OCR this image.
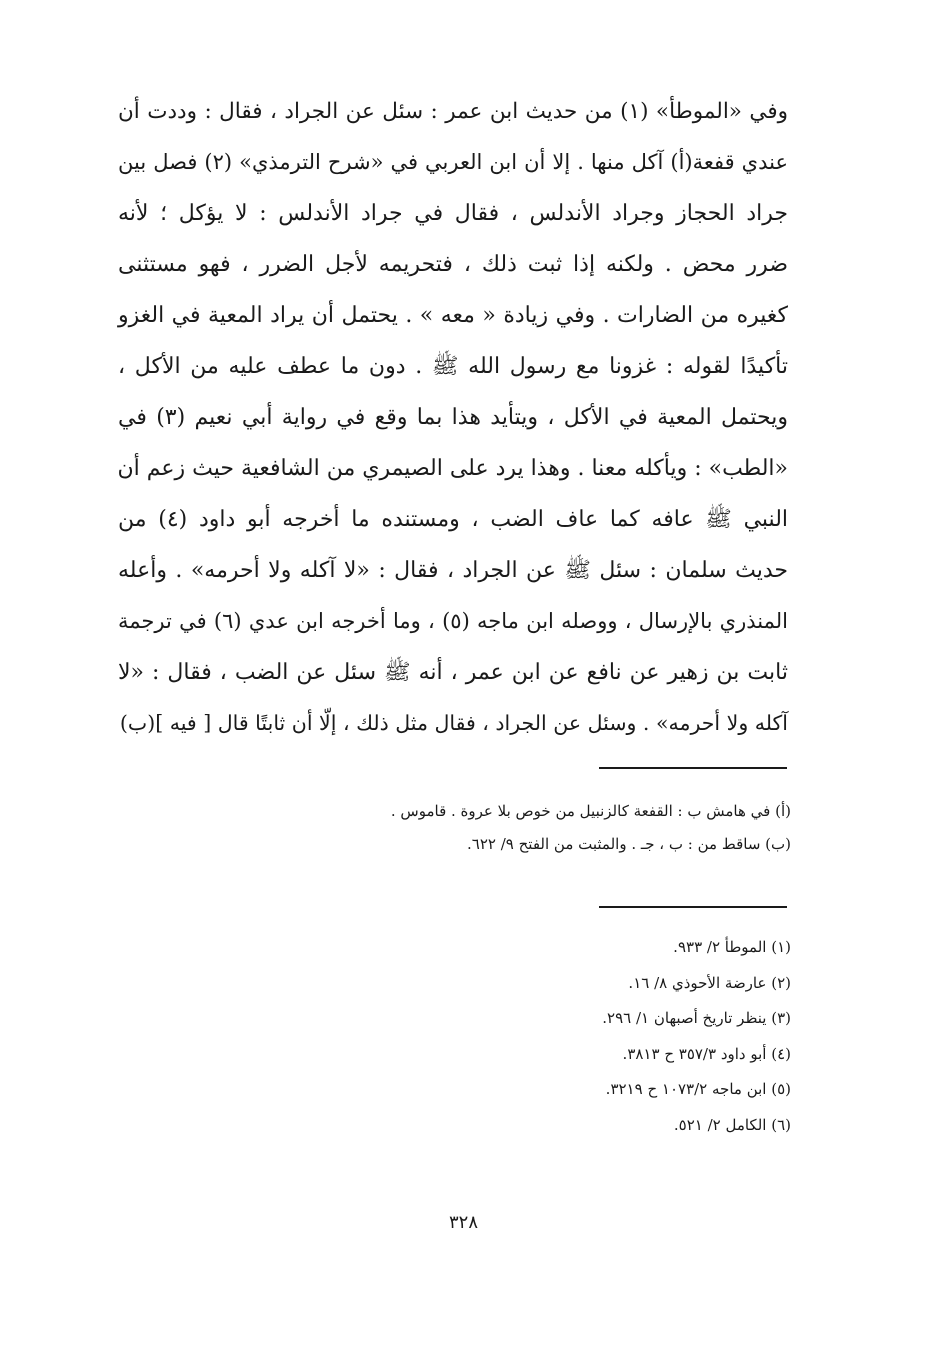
وفي «الموطأ» (١) من حديث ابن عمر : سئل عن الجراد ، فقال : وددت أن
عندي قفعة(أ) آكل منها . إلا أن ابن العربي في «شرح الترمذي» (٢) فصل بين
جراد الحجاز وجراد الأندلس ، فقال في جراد الأندلس : لا يؤكل ؛ لأنه
ضرر محض . ولكنه إذا ثبت ذلك ، فتحريمه لأجل الضرر ، فهو مستثنى
كغيره من الضارات . وفي زيادة « معه » . يحتمل أن يراد المعية في الغزو
تأكيدًا لقوله : غزونا مع رسول الله ﷺ . دون ما عطف عليه من الأكل ،
ويحتمل المعية في الأكل ، ويتأيد هذا بما وقع في رواية أبي نعيم (٣) في
«الطب» : ويأكله معنا . وهذا يرد على الصيمري من الشافعية حيث زعم أن
النبي ﷺ عافه كما عاف الضب ، ومستنده ما أخرجه أبو داود (٤) من
حديث سلمان : سئل ﷺ عن الجراد ، فقال : «لا آكله ولا أحرمه» . وأعله
المنذري بالإرسال ، ووصله ابن ماجه (٥) ، وما أخرجه ابن عدي (٦) في ترجمة
ثابت بن زهير عن نافع عن ابن عمر ، أنه ﷺ سئل عن الضب ، فقال : «لا
آكله ولا أحرمه» . وسئل عن الجراد ، فقال مثل ذلك ، إلّا أن ثابتًا قال [ فيه ](ب)
(أ) في هامش ب : القفعة كالزنبيل من خوص بلا عروة . قاموس .
(ب) ساقط من : ب ، جـ . والمثبت من الفتح ٩/ ٦٢٢.
(١) الموطأ ٢/ ٩٣٣.
(٢) عارضة الأحوذي ٨/ ١٦.
(٣) ينظر تاريخ أصبهان ١/ ٢٩٦.
(٤) أبو داود ٣٥٧/٣ ح ٣٨١٣.
(٥) ابن ماجه ١٠٧٣/٢ ح ٣٢١٩.
(٦) الكامل ٢/ ٥٢١.
٣٢٨
